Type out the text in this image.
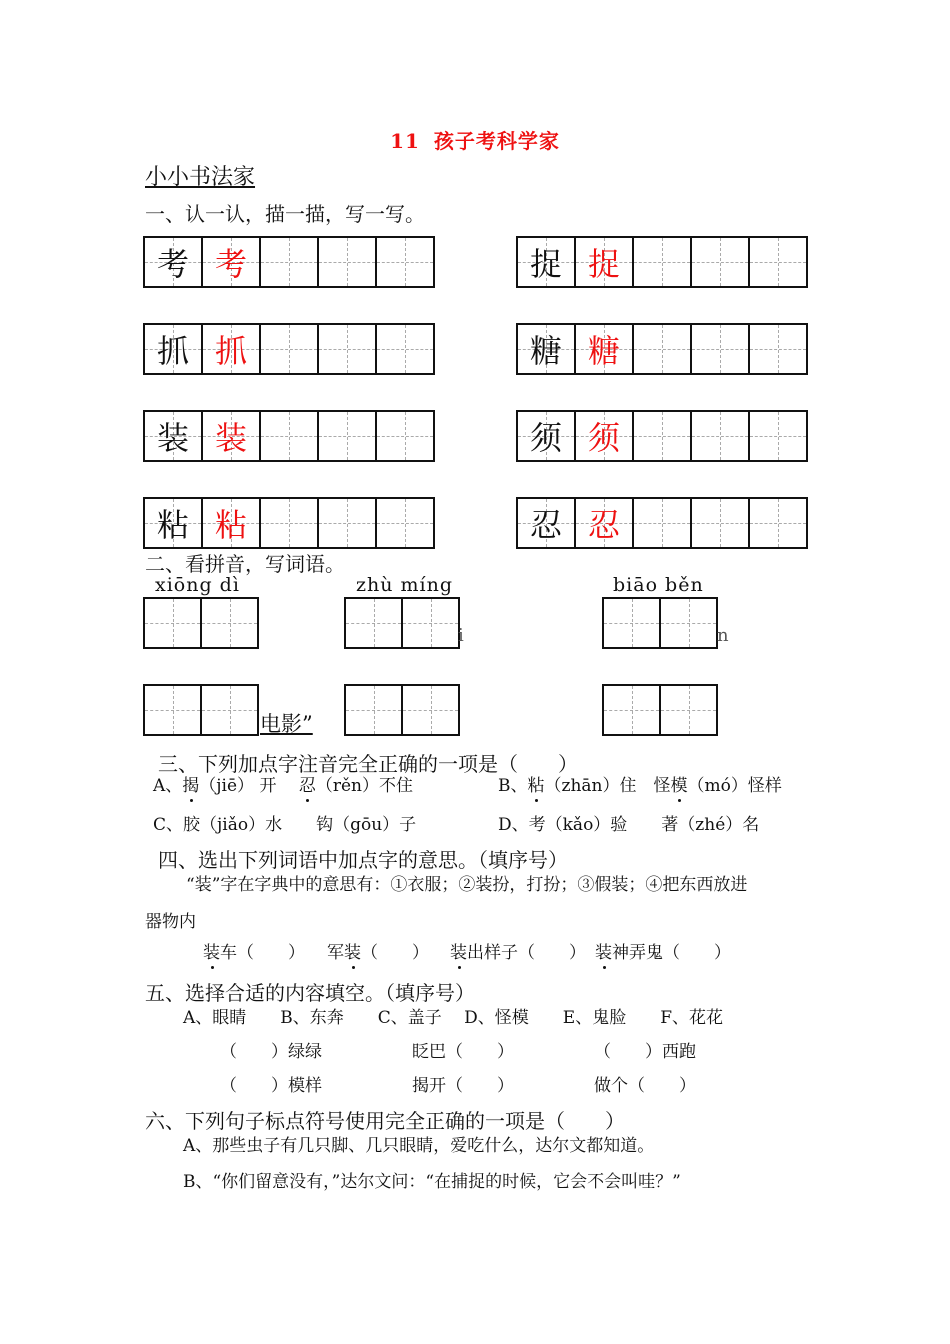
11 孩子考科学家
小小书法家
一、认一认，描一描，写一写。
考 考
抓 抓
装 装
粘 粘
捉 捉
糖 糖
须 须
忍 忍
二、看拼音，写词语。
xiōng dì	zhù míng	biāo běn
i	n
电影”
三、下列加点字注音完全正确的一项是（　　）
A、揭（jiē） 开　 忍（rěn）不住	B、粘（zhān）住　怪模（mó）怪样
C、胶（jiǎo）水　　钩（gōu）子	D、考（kǎo）验　　著（zhé）名
四、选出下列词语中加点字的意思。（填序号）
“装”字在字典中的意思有：①衣服；②装扮，打扮；③假装；④把东西放进
器物内
装车（　　） 军装（　　） 装出样子（　　） 装神弄鬼（　　）
五、选择合适的内容填空。（填序号）
A、眼睛　　B、东奔　　C、盖子　 D、怪模　　E、鬼脸　　F、花花
（　　）绿绿	眨巴（　　）	（　　）西跑
（　　）模样	揭开（　　）	做个（　　）
六、下列句子标点符号使用完全正确的一项是（　　）
A、那些虫子有几只脚、几只眼睛，爱吃什么，达尔文都知道。
B、“你们留意没有，”达尔文问：“在捕捉的时候，它会不会叫哇？”
